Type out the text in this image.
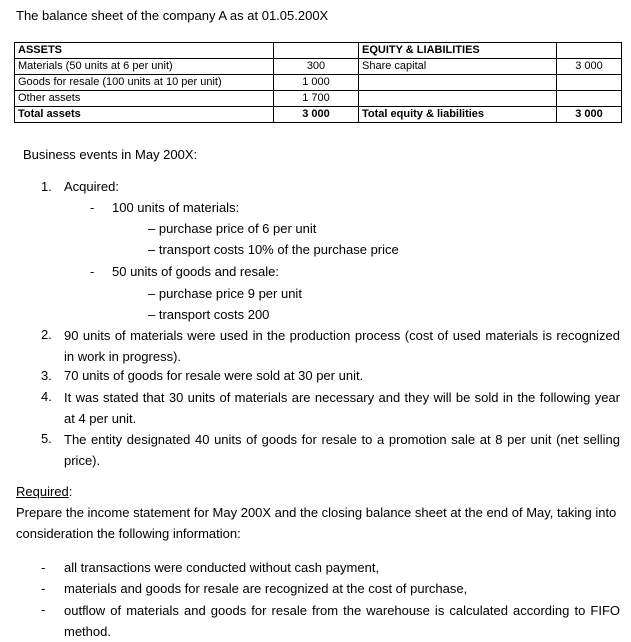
The balance sheet of the company A as at 01.05.200X
ASSETS		EQUITY & LIABILITIES	
Materials (50 units at 6 per unit)	300	Share capital	3 000
Goods for resale (100 units at 10 per unit)	1 000		
Other assets	1 700		
Total assets	3 000	Total equity & liabilities	3 000
Business events in May 200X:
1. Acquired:
- 100 units of materials:
– purchase price of 6 per unit
– transport costs 10% of the purchase price
- 50 units of goods and resale:
– purchase price 9 per unit
– transport costs 200
2. 90 units of materials were used in the production process (cost of used materials is recognized in work in progress).
3. 70 units of goods for resale were sold at 30 per unit.
4. It was stated that 30 units of materials are necessary and they will be sold in the following year at 4 per unit.
5. The entity designated 40 units of goods for resale to a promotion sale at 8 per unit (net selling price).
Required:
Prepare the income statement for May 200X and the closing balance sheet at the end of May, taking into consideration the following information:
- all transactions were conducted without cash payment,
- materials and goods for resale are recognized at the cost of purchase,
- outflow of materials and goods for resale from the warehouse is calculated according to FIFO method.
